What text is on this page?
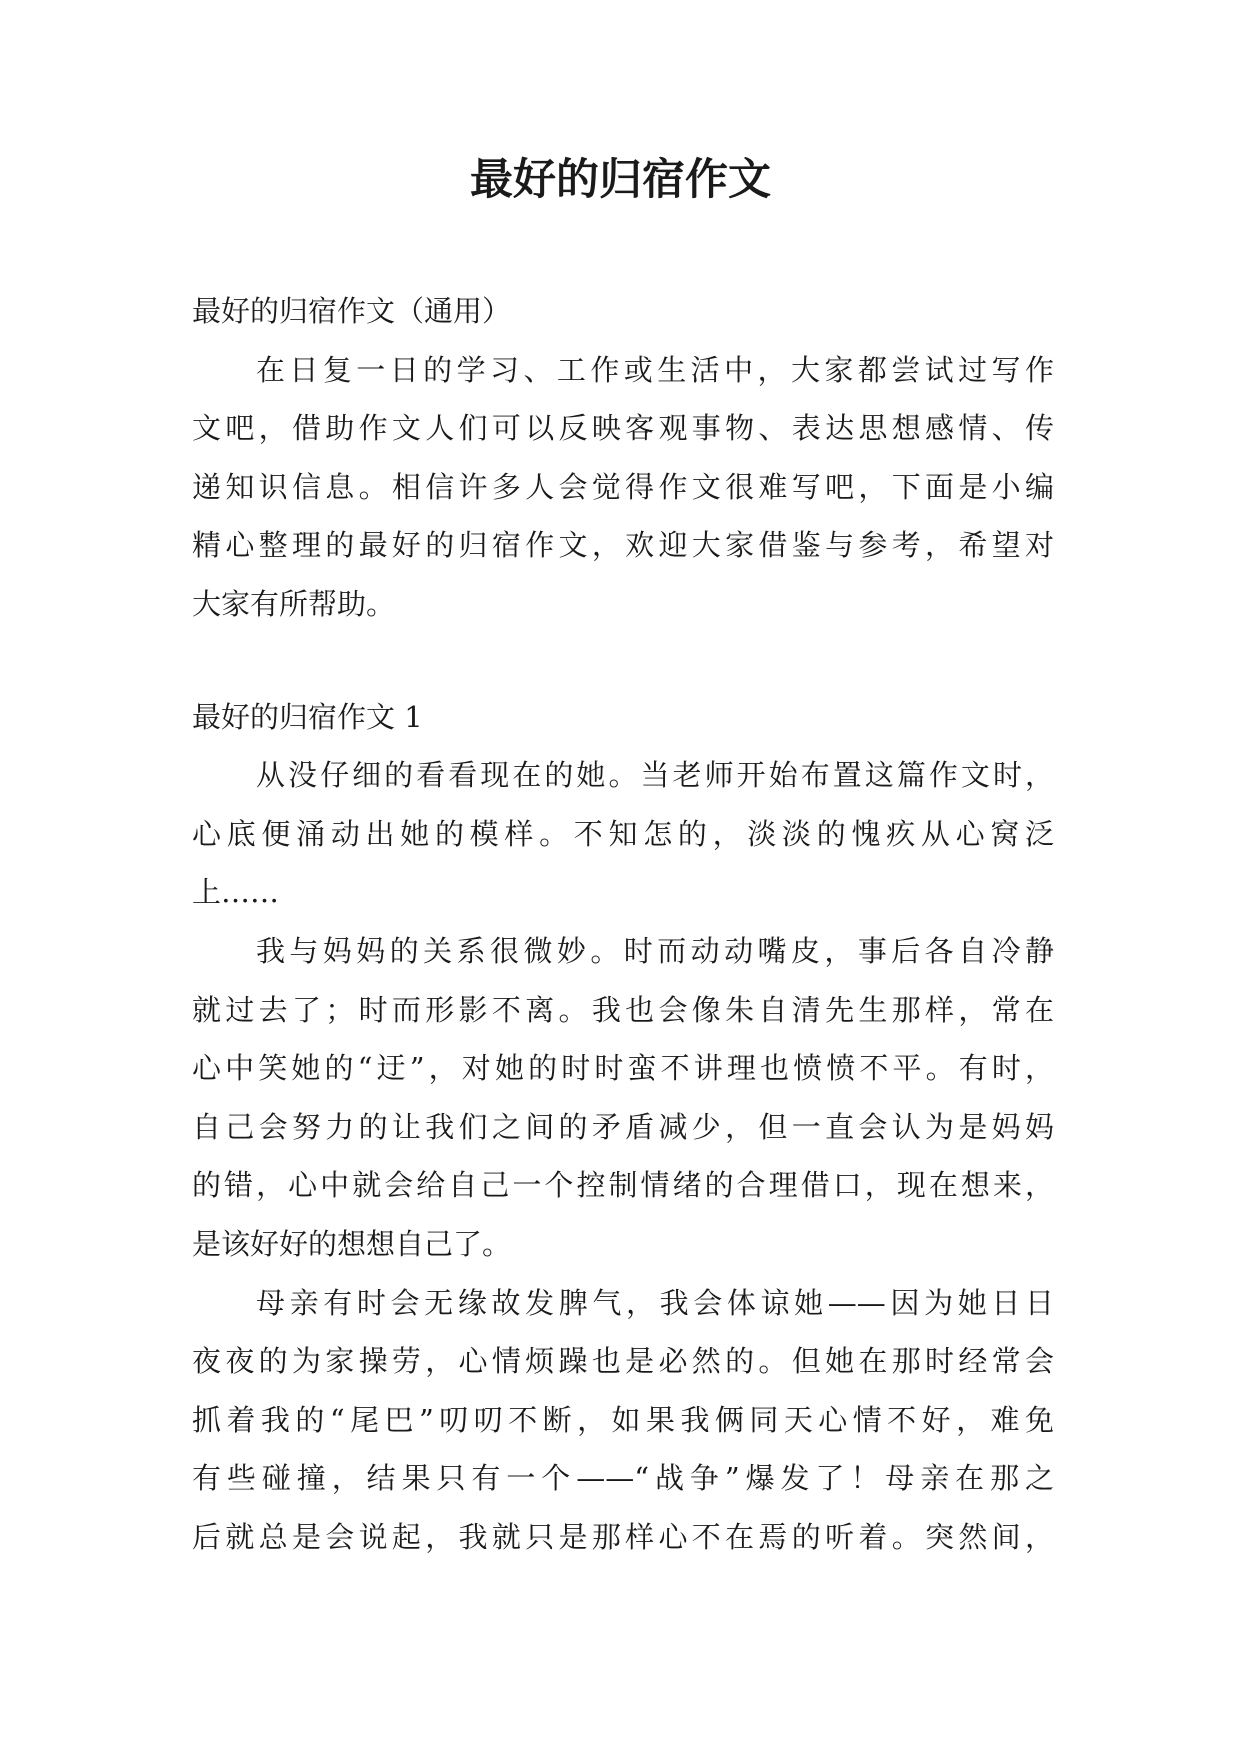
最好的归宿作文

最好的归宿作文（通用）

在日复一日的学习、工作或生活中，大家都尝试过写作

文吧，借助作文人们可以反映客观事物、表达思想感情、传

递知识信息。相信许多人会觉得作文很难写吧，下面是小编

精心整理的最好的归宿作文，欢迎大家借鉴与参考，希望对

大家有所帮助。

最好的归宿作文 1

从没仔细的看看现在的她。当老师开始布置这篇作文时，

心底便涌动出她的模样。不知怎的，淡淡的愧疚从心窝泛

上……

我与妈妈的关系很微妙。时而动动嘴皮，事后各自冷静

就过去了；时而形影不离。我也会像朱自清先生那样，常在

心中笑她的“迂”，对她的时时蛮不讲理也愤愤不平。有时，

自己会努力的让我们之间的矛盾减少，但一直会认为是妈妈

的错，心中就会给自己一个控制情绪的合理借口，现在想来，

是该好好的想想自己了。

母亲有时会无缘故发脾气，我会体谅她——因为她日日

夜夜的为家操劳，心情烦躁也是必然的。但她在那时经常会

抓着我的“尾巴”叨叨不断，如果我俩同天心情不好，难免

有些碰撞，结果只有一个——“战争”爆发了！母亲在那之

后就总是会说起，我就只是那样心不在焉的听着。突然间，
